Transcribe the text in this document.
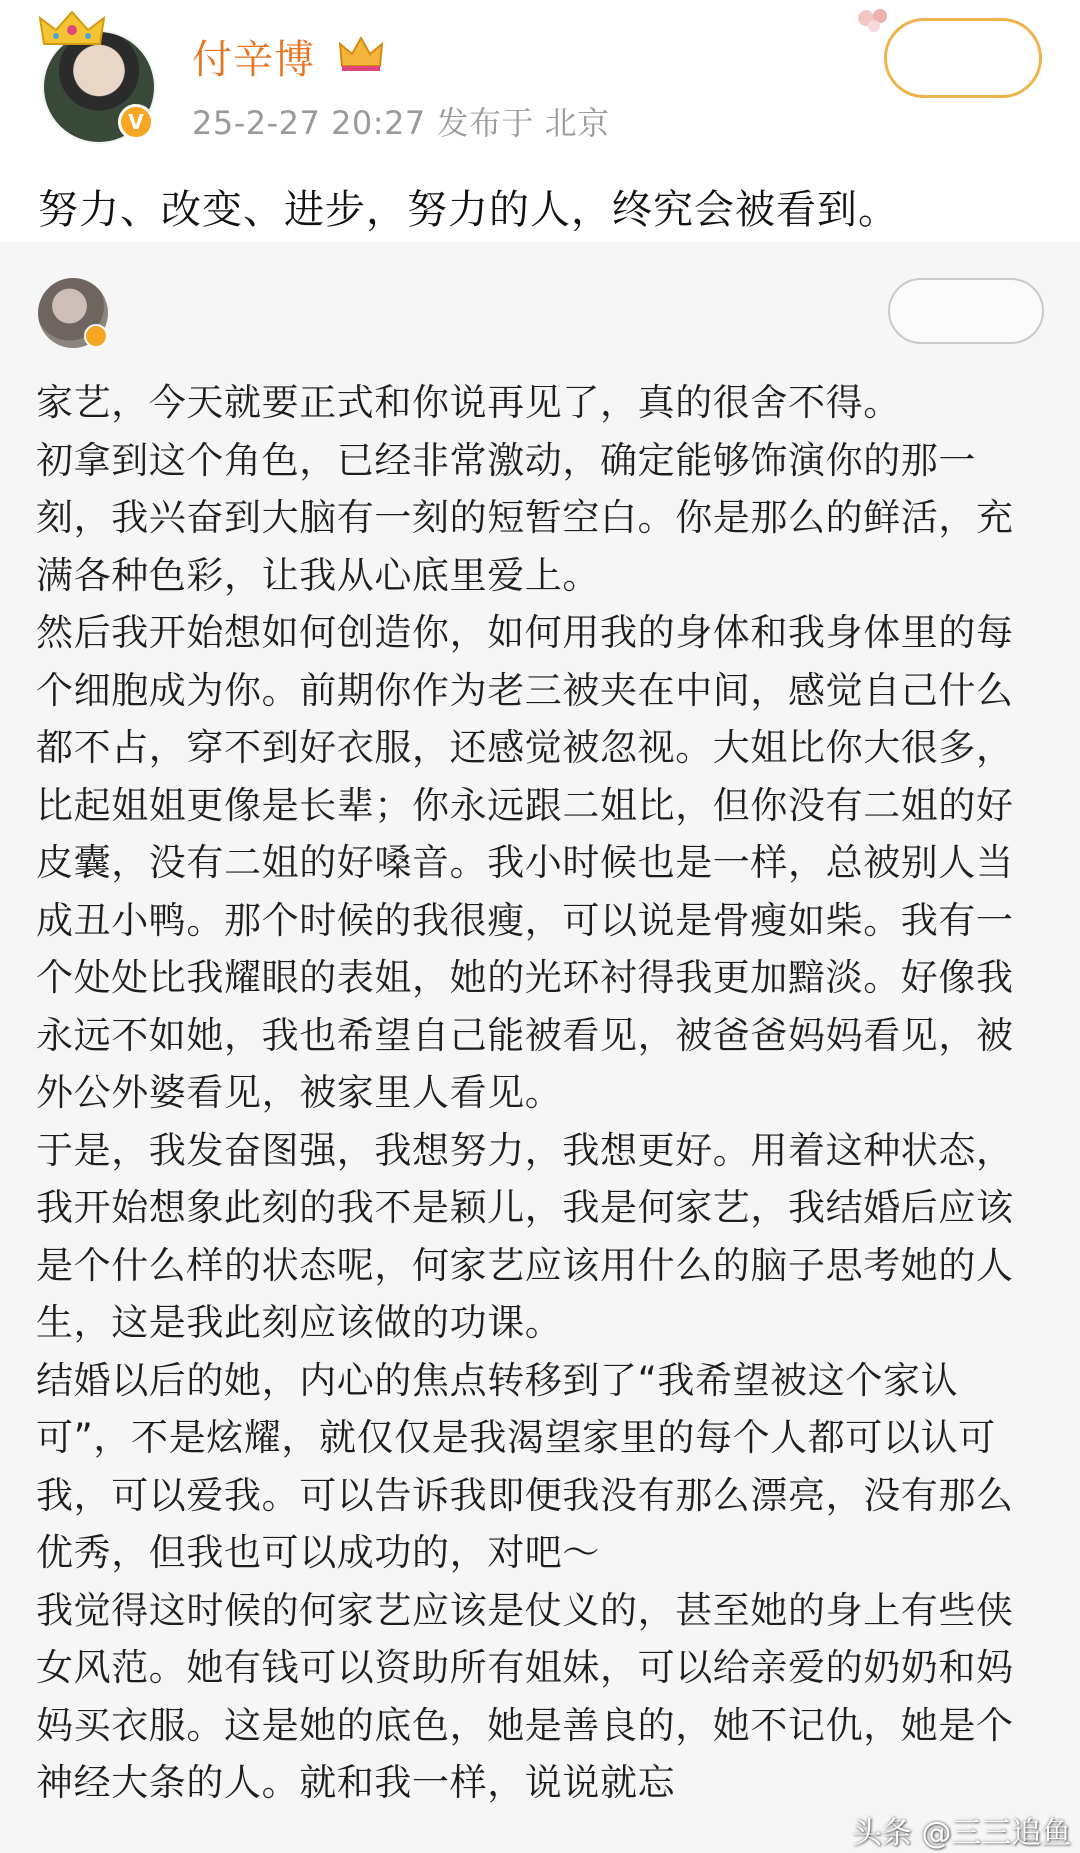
V
付辛博
25-2-27 20:27 发布于 北京
努力、改变、进步，努力的人，终究会被看到。

家艺，今天就要正式和你说再见了，真的很舍不得。

初拿到这个角色，已经非常激动，确定能够饰演你的那一刻，我兴奋到大脑有一刻的短暂空白。你是那么的鲜活，充满各种色彩，让我从心底里爱上。

然后我开始想如何创造你，如何用我的身体和我身体里的每个细胞成为你。前期你作为老三被夹在中间，感觉自己什么都不占，穿不到好衣服，还感觉被忽视。大姐比你大很多，比起姐姐更像是长辈；你永远跟二姐比，但你没有二姐的好皮囊，没有二姐的好嗓音。我小时候也是一样，总被别人当成丑小鸭。那个时候的我很瘦，可以说是骨瘦如柴。我有一个处处比我耀眼的表姐，她的光环衬得我更加黯淡。好像我永远不如她，我也希望自己能被看见，被爸爸妈妈看见，被外公外婆看见，被家里人看见。

于是，我发奋图强，我想努力，我想更好。用着这种状态，我开始想象此刻的我不是颖儿，我是何家艺，我结婚后应该是个什么样的状态呢，何家艺应该用什么的脑子思考她的人生，这是我此刻应该做的功课。

结婚以后的她，内心的焦点转移到了“我希望被这个家认可”，不是炫耀，就仅仅是我渴望家里的每个人都可以认可我，可以爱我。可以告诉我即便我没有那么漂亮，没有那么优秀，但我也可以成功的，对吧～

我觉得这时候的何家艺应该是仗义的，甚至她的身上有些侠女风范。她有钱可以资助所有姐妹，可以给亲爱的奶奶和妈妈买衣服。这是她的底色，她是善良的，她不记仇，她是个神经大条的人。就和我一样，说说就忘

头条 @三三追鱼
